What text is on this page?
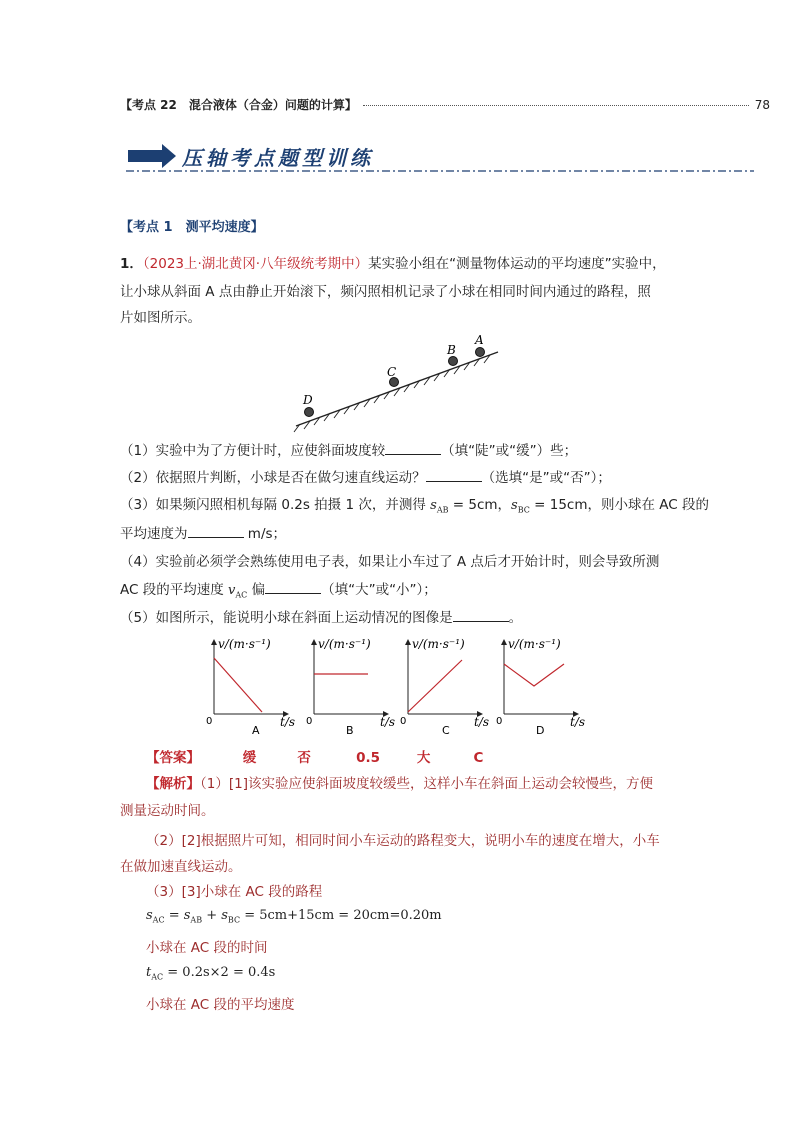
【考点 22　混合液体（合金）问题的计算】	78
压轴考点题型训练
【考点 1　测平均速度】
1．（2023上·湖北黄冈·八年级统考期中）某实验小组在“测量物体运动的平均速度”实验中，
让小球从斜面 A 点由静止开始滚下，频闪照相机记录了小球在相同时间内通过的路程，照
片如图所示。
D
C
B
A
（1）实验中为了方便计时，应使斜面坡度较	（填“陡”或“缓”）些；
（2）依据照片判断，小球是否在做匀速直线运动？	（选填“是”或“否”）；
（3）如果频闪照相机每隔 0.2s 拍摄 1 次，并测得 $s_{AB} = 5cm$，$s_{BC} = 15cm$，则小球在 AC 段的
平均速度为	m/s；
（4）实验前必须学会熟练使用电子表，如果让小车过了 A 点后才开始计时，则会导致所测
AC 段的平均速度 $v_{AC}$ 偏	（填“大”或“小”）；
（5）如图所示，能说明小球在斜面上运动情况的图像是	。
v/(m·s⁻¹)
t/s
0
A
v/(m·s⁻¹)
t/s
0
B
v/(m·s⁻¹)
t/s
0
C
v/(m·s⁻¹)
t/s
0
D
【答案】	缓	否	0.5	大	C
【解析】（1）[1]该实验应使斜面坡度较缓些，这样小车在斜面上运动会较慢些，方便
测量运动时间。
（2）[2]根据照片可知，相同时间小车运动的路程变大，说明小车的速度在增大，小车
在做加速直线运动。
（3）[3]小球在 AC 段的路程
$s_{AC} = s_{AB} + s_{BC} = 5cm+15cm = 20cm=0.20m$
小球在 AC 段的时间
$t_{AC} = 0.2s\times 2 = 0.4s$
小球在 AC 段的平均速度
